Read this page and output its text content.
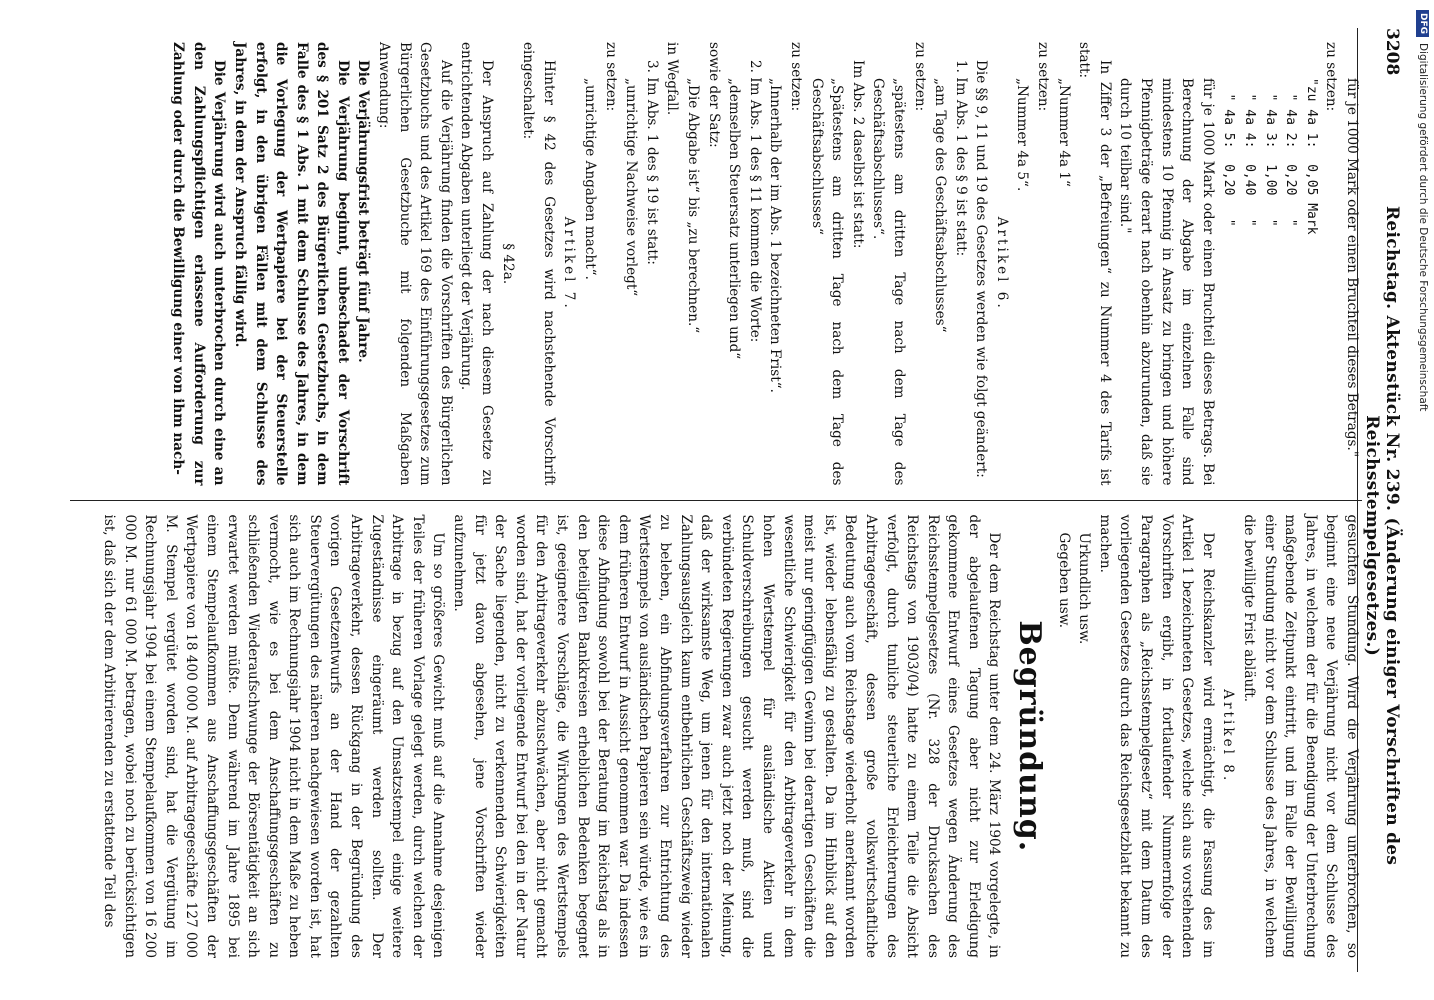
3208
Reichstag. Aktenstück Nr. 239. (Änderung einiger Vorschriften des Reichsstempelgesetzes.)

für je 1000 Mark oder einen Bruchteil dieses Betrags."

zu setzen:

"zu 4a 1:  0,05 Mark
" 4a 2:  0,20   "
" 4a 3:  1,00   "
" 4a 4:  0,40   "
" 4a 5:  0,20   "

für je 1000 Mark oder einen Bruchteil dieses Betrags. Bei Berechnung der Abgabe im einzelnen Falle sind mindestens 10 Pfennig in Ansatz zu bringen und höhere Pfennigbeträge derart nach obenhin abzurunden, daß sie durch 10 teilbar sind."

In Ziffer 3 der „Befreiungen“ zu Nummer 4 des Tarifs ist statt:

„Nummer 4a 1“

zu setzen:

„Nummer 4a 5“.

Artikel 6.

Die §§ 9, 11 und 19 des Gesetzes werden wie folgt geändert:

1. Im Abs. 1 des § 9 ist statt:

„am Tage des Geschäftsabschlusses“

zu setzen:

„spätestens am dritten Tage nach dem Tage des Geschäftsabschlusses“.

Im Abs. 2 daselbst ist statt:

„Spätestens am dritten Tage nach dem Tage des Geschäftsabschlusses“

zu setzen:

„Innerhalb der im Abs. 1 bezeichneten Frist“.

2. Im Abs. 1 des § 11 kommen die Worte:

„demselben Steuersatz unterliegen und“

sowie der Satz:

„Die Abgabe ist“ bis „zu berechnen.“

in Wegfall.

3. Im Abs. 1 des § 19 ist statt:

„unrichtige Nachweise vorlegt“

zu setzen:

„unrichtige Angaben macht“.

Artikel 7.

Hinter § 42 des Gesetzes wird nachstehende Vorschrift eingeschaltet:

§ 42a.

Der Anspruch auf Zahlung der nach diesem Gesetze zu entrichtenden Abgaben unterliegt der Verjährung.

Auf die Verjährung finden die Vorschriften des Bürgerlichen Gesetzbuchs und des Artikel 169 des Einführungsgesetzes zum Bürgerlichen Gesetzbuche mit folgenden Maßgaben Anwendung:

Die Verjährungsfrist beträgt fünf Jahre.

Die Verjährung beginnt, unbeschadet der Vorschrift des § 201 Satz 2 des Bürgerlichen Gesetzbuchs, in dem Falle des § 1 Abs. 1 mit dem Schlusse des Jahres, in dem die Vorlegung der Wertpapiere bei der Steuerstelle erfolgt, in den übrigen Fällen mit dem Schlusse des Jahres, in dem der Anspruch fällig wird.

Die Verjährung wird auch unterbrochen durch eine an den Zahlungspflichtigen erlassene Aufforderung zur Zahlung oder durch die Bewilligung einer von ihm nach-

gesuchten Stundung. Wird die Verjährung unterbrochen, so beginnt eine neue Verjährung nicht vor dem Schlusse des Jahres, in welchem der für die Beendigung der Unterbrechung maßgebende Zeitpunkt eintritt, und im Falle der Bewilligung einer Stundung nicht vor dem Schlusse des Jahres, in welchem die bewilligte Frist abläuft.

Artikel 8.

Der Reichskanzler wird ermächtigt, die Fassung des im Artikel 1 bezeichneten Gesetzes, welche sich aus vorstehenden Vorschriften ergibt, in fortlaufender Nummernfolge der Paragraphen als „Reichsstempelgesetz“ mit dem Datum des vorliegenden Gesetzes durch das Reichsgesetzblatt bekannt zu machen.

Urkundlich usw.

Gegeben usw.

Begründung.

Der dem Reichstag unter dem 24. März 1904 vorgelegte, in der abgelaufenen Tagung aber nicht zur Erledigung gekommene Entwurf eines Gesetzes wegen Änderung des Reichsstempelgesetzes (Nr. 328 der Drucksachen des Reichstags von 1903/04) hatte zu einem Teile die Absicht verfolgt, durch tunliche steuerliche Erleichterungen des Arbitragegeschäft, dessen große volkswirtschaftliche Bedeutung auch vom Reichstage wiederholt anerkannt worden ist, wieder lebensfähig zu gestalten. Da im Hinblick auf den meist nur geringfügigen Gewinn bei derartigen Geschäften die wesentliche Schwierigkeit für den Arbitrageverkehr in dem hohen Wertstempel für ausländische Aktien und Schuldverschreibungen gesucht werden muß, sind die verbündeten Regierungen zwar auch jetzt noch der Meinung, daß der wirksamste Weg, um jenen für den internationalen Zahlungsausgleich kaum entbehrlichen Geschäftszweig wieder zu beleben, ein Abfindungsverfahren zur Entrichtung des Wertstempels von ausländischen Papieren sein würde, wie es in dem früheren Entwurf in Aussicht genommen war. Da indessen diese Abfindung sowohl bei der Beratung im Reichstag als in den beteiligten Bankkreisen erheblichen Bedenken begegnet ist, geeignetere Vorschläge, die Wirkungen des Wertstempels für den Arbitrageverkehr abzuschwächen, aber nicht gemacht worden sind, hat der vorliegende Entwurf bei den in der Natur der Sache liegenden, nicht zu verkennenden Schwierigkeiten für jetzt davon abgesehen, jene Vorschriften wieder aufzunehmen.

Um so größeres Gewicht muß auf die Annahme desjenigen Teiles der früheren Vorlage gelegt werden, durch welchen der Arbitrage in bezug auf den Umsatzstempel einige weitere Zugeständnisse eingeräumt werden sollten. Der Arbitrageverkehr, dessen Rückgang in der Begründung des vorigen Gesetzentwurfs an der Hand der gezahlten Steuervergütungen des näheren nachgewiesen worden ist, hat sich auch im Rechnungsjahr 1904 nicht in dem Maße zu heben vermocht, wie es bei dem Anschaffungsgeschäften zu schließenden Wiederaufschwunge der Börsentätigkeit an sich erwartet werden müßte. Denn während im Jahre 1895 bei einem Stempelaufkommen aus Anschaffungsgeschäften der Wertpapiere von 18 400 000 M. auf Arbitragegeschäfte 127 000 M. Stempel vergütet worden sind, hat die Vergütung im Rechnungsjahr 1904 bei einem Stempelaufkommen von 16 200 000 M. nur 61 000 M. betragen, wobei noch zu berücksichtigen ist, daß sich der dem Arbitrierenden zu erstattende Teil des

DFG
Digitalisierung gefördert durch die Deutsche Forschungsgemeinschaft
